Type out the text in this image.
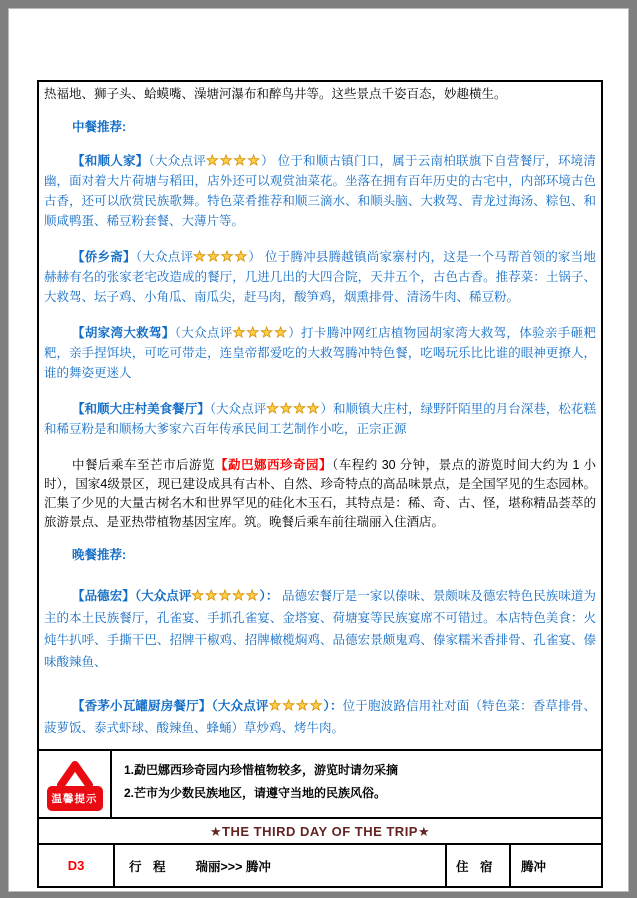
热福地、狮子头、蛤蟆嘴、澡塘河瀑布和醉鸟井等。这些景点千姿百态，妙趣横生。

中餐推荐:

【和顺人家】（大众点评★★★★） 位于和顺古镇门口，属于云南柏联旗下自营餐厅，环境清幽，面对着大片荷塘与稻田，店外还可以观赏油菜花。坐落在拥有百年历史的古宅中，内部环境古色古香，还可以欣赏民族歌舞。特色菜肴推荐和顺三滴水、和顺头脑、大救驾、青龙过海汤、粽包、和顺咸鸭蛋、稀豆粉套餐、大薄片等。

【侨乡斋】（大众点评★★★★） 位于腾冲县腾越镇尚家寨村内，这是一个马帮首领的家当地赫赫有名的张家老宅改造成的餐厅，几进几出的大四合院，天井五个，古色古香。推荐菜：土锅子、大救驾、坛子鸡、小角瓜、南瓜尖，赶马肉，酸笋鸡，烟熏排骨、清汤牛肉、稀豆粉。

【胡家湾大救驾】（大众点评★★★★）打卡腾冲网红店植物园胡家湾大救驾，体验亲手砸粑粑，亲手捏饵块，可吃可带走，连皇帝都爱吃的大救驾腾冲特色餐，吃喝玩乐比比谁的眼神更撩人，谁的舞姿更迷人

【和顺大庄村美食餐厅】（大众点评★★★★）和顺镇大庄村，绿野阡陌里的月台深巷，松花糕和稀豆粉是和顺杨大爹家六百年传承民间工艺制作小吃，正宗正源

中餐后乘车至芒市后游览【勐巴娜西珍奇园】（车程约 30 分钟，景点的游览时间大约为 1 小时），国家4级景区，现已建设成具有古朴、自然、珍奇特点的高品味景点，是全国罕见的生态园林。汇集了少见的大量古树名木和世界罕见的硅化木玉石，其特点是：稀、奇、古、怪，堪称精品荟萃的旅游景点、是亚热带植物基因宝库。筑。晚餐后乘车前往瑞丽入住酒店。

晚餐推荐:

【品德宏】（大众点评★★★★★）： 品德宏餐厅是一家以傣味、景颇味及德宏特色民族味道为主的本土民族餐厅，孔雀宴、手抓孔雀宴、金塔宴、荷塘宴等民族宴席不可错过。本店特色美食：火炖牛扒呼、手撕干巴、招牌干椒鸡、招牌橄榄焖鸡、品德宏景颇鬼鸡、傣家糯米香排骨、孔雀宴、傣味酸辣鱼、

【香茅小瓦罐厨房餐厅】（大众点评★★★★）：位于胞波路信用社对面（特色菜：香草排骨、菠萝饭、泰式虾球、酸辣鱼、蜂蛹）草炒鸡、烤牛肉。

温馨提示

1.勐巴娜西珍奇园内珍惜植物较多，游览时请勿采摘

2.芒市为少数民族地区，请遵守当地的民族风俗。

★THE THIRD DAY OF THE TRIP★
D3	行 程 瑞丽>>> 腾冲	住 宿	腾冲
